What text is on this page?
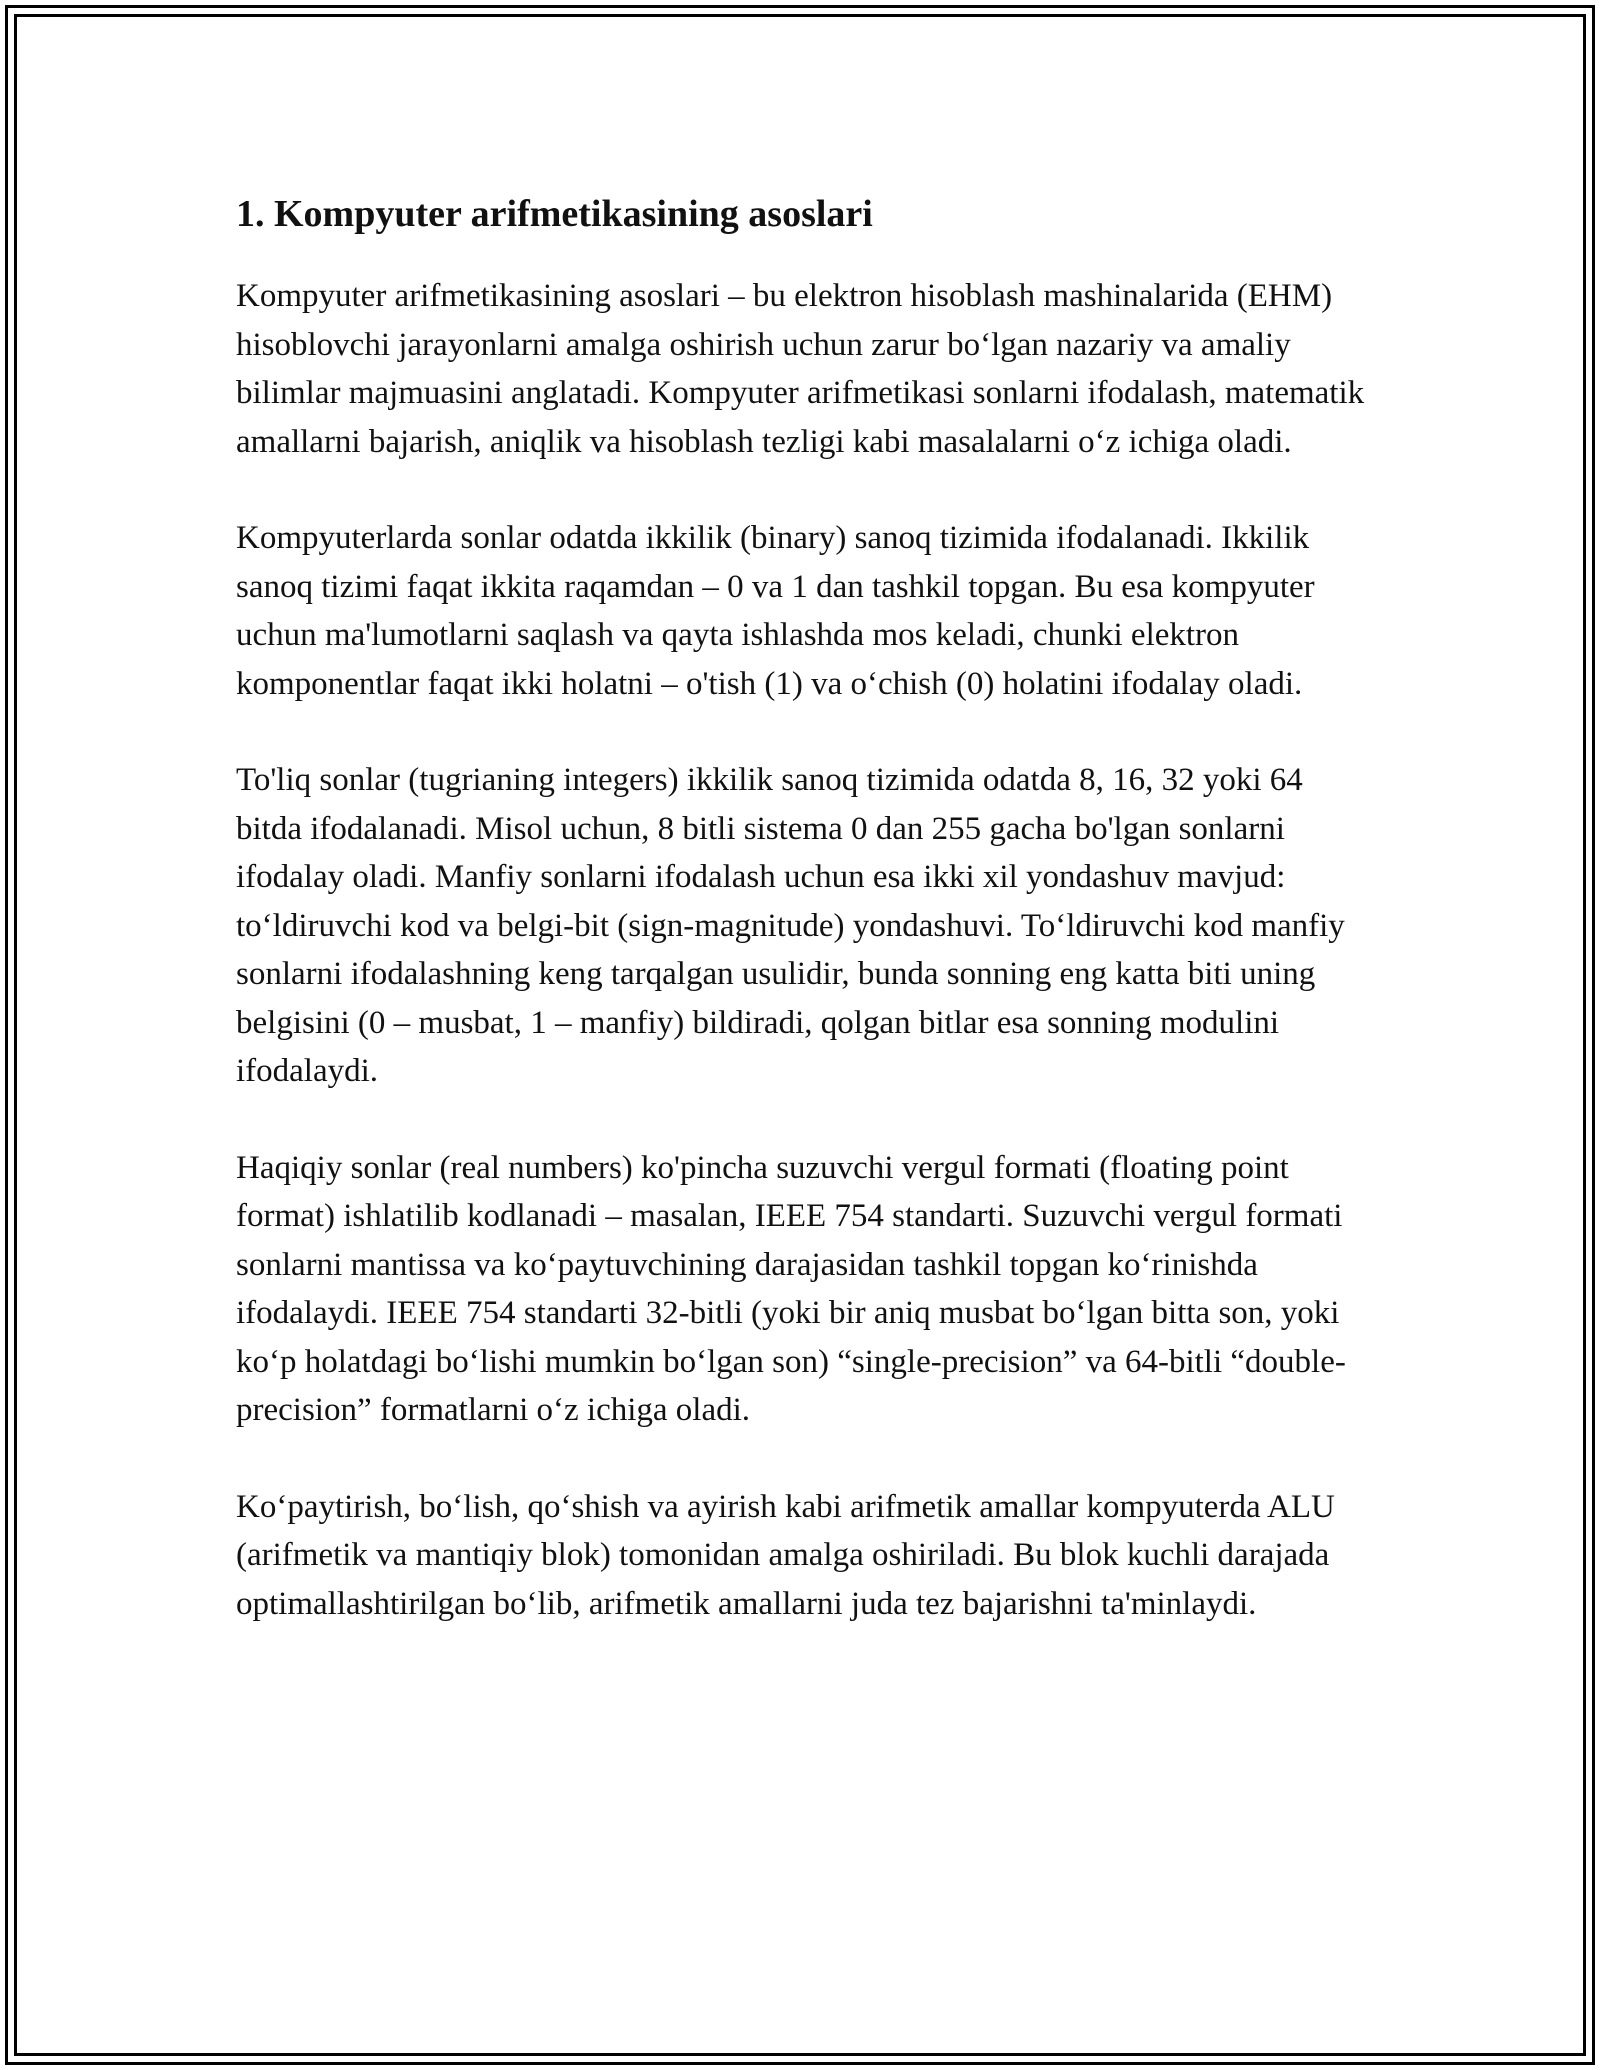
1. Kompyuter arifmetikasining asoslari

Kompyuter arifmetikasining asoslari – bu elektron hisoblash mashinalarida (EHM) hisoblovchi jarayonlarni amalga oshirish uchun zarur boʻlgan nazariy va amaliy bilimlar majmuasini anglatadi. Kompyuter arifmetikasi sonlarni ifodalash, matematik amallarni bajarish, aniqlik va hisoblash tezligi kabi masalalarni oʻz ichiga oladi.

Kompyuterlarda sonlar odatda ikkilik (binary) sanoq tizimida ifodalanadi. Ikkilik sanoq tizimi faqat ikkita raqamdan – 0 va 1 dan tashkil topgan. Bu esa kompyuter uchun ma'lumotlarni saqlash va qayta ishlashda mos keladi, chunki elektron komponentlar faqat ikki holatni – o'tish (1) va oʻchish (0) holatini ifodalay oladi.

To'liq sonlar (tugrianing integers) ikkilik sanoq tizimida odatda 8, 16, 32 yoki 64 bitda ifodalanadi. Misol uchun, 8 bitli sistema 0 dan 255 gacha bo'lgan sonlarni ifodalay oladi. Manfiy sonlarni ifodalash uchun esa ikki xil yondashuv mavjud: toʻldiruvchi kod va belgi-bit (sign-magnitude) yondashuvi. Toʻldiruvchi kod manfiy sonlarni ifodalashning keng tarqalgan usulidir, bunda sonning eng katta biti uning belgisini (0 – musbat, 1 – manfiy) bildiradi, qolgan bitlar esa sonning modulini ifodalaydi.

Haqiqiy sonlar (real numbers) ko'pincha suzuvchi vergul formati (floating point format) ishlatilib kodlanadi – masalan, IEEE 754 standarti. Suzuvchi vergul formati sonlarni mantissa va koʻpaytuvchining darajasidan tashkil topgan koʻrinishda ifodalaydi. IEEE 754 standarti 32-bitli (yoki bir aniq musbat boʻlgan bitta son, yoki koʻp holatdagi boʻlishi mumkin boʻlgan son) “single-precision” va 64-bitli “double-precision” formatlarni oʻz ichiga oladi.

Koʻpaytirish, boʻlish, qoʻshish va ayirish kabi arifmetik amallar kompyuterda ALU (arifmetik va mantiqiy blok) tomonidan amalga oshiriladi. Bu blok kuchli darajada optimallashtirilgan boʻlib, arifmetik amallarni juda tez bajarishni ta'minlaydi.
